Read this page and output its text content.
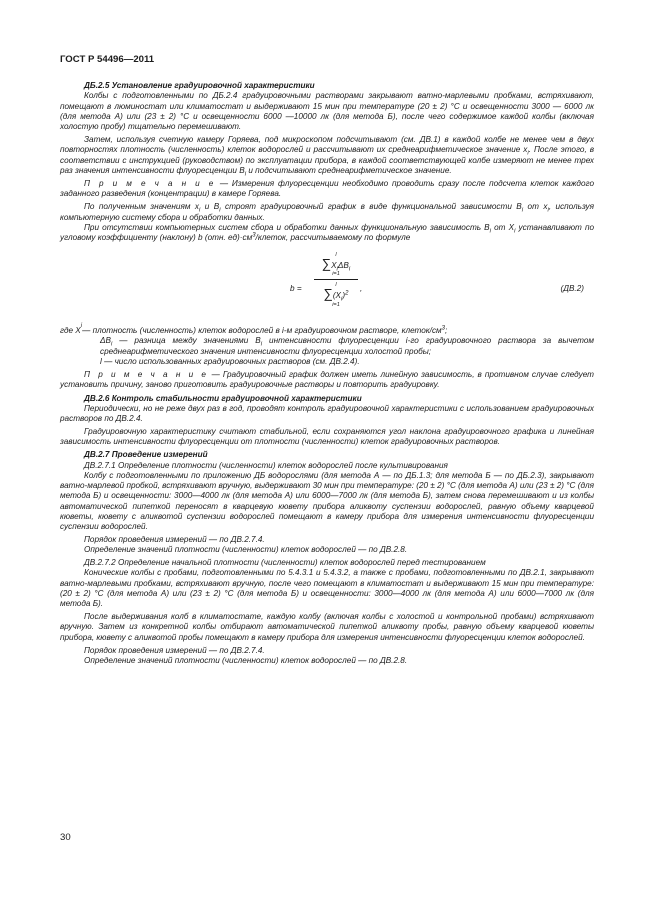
ГОСТ Р 54496—2011
ДБ.2.5 Установление градуировочной характеристики
Колбы с подготовленными по ДБ.2.4 градуировочными растворами закрывают ватно-марлевыми пробками, встряхивают, помещают в люминостат или климатостат и выдерживают 15 мин при температуре (20 ± 2) °С и освещенности 3000 — 6000 лк (для метода А) или (23 ± 2) °С и освещенности 6000 —10000 лк (для метода Б), после чего содержимое каждой колбы (включая холостую пробу) тщательно перемешивают.
Затем, используя счетную камеру Горяева, под микроскопом подсчитывают (см. ДВ.1) в каждой колбе не менее чем в двух повторностях плотность (численность) клеток водорослей и рассчитывают их среднеарифметическое значение $x_i$. После этого, в соответствии с инструкцией (руководством) по эксплуатации прибора, в каждой соответствующей колбе измеряют не менее трех раз значения интенсивности флуоресценции $B_i$ и подсчитывают среднеарифметическое значение.
П р и м е ч а н и е — Измерения флуоресценции необходимо проводить сразу после подсчета клеток каждого заданного разведения (концентрации) в камере Горяева.
По полученным значениям $x_i$ и $B_i$ строят градуировочный график в виде функциональной зависимости $B_i$ от $x_i$, используя компьютерную систему сбора и обработки данных.
При отсутствии компьютерных систем сбора и обработки данных функциональную зависимость $B_i$ от $X_i$ устанавливают по угловому коэффициенту (наклону) b (отн. $ед)\cdot см^3$/клеток, рассчитываемому по формуле
b =
l
$\sum X_i\Delta B_i$
i=1
l
$\sum(X_i)^2$
i=1
,	(ДВ.2)
где X i — плотность (численность) клеток водорослей в i-м градуировочном растворе, клеток/$см^3$;
$\Delta B_i$ — разница между значениями $B_i$ интенсивности флуоресценции i-го градуировочного раствора за вычетом среднеарифметического значения интенсивности флуоресценции холостой пробы;
l — число использованных градуировочных растворов (см. ДВ.2.4).
П р и м е ч а н и е — Градуировочный график должен иметь линейную зависимость, в противном случае следует установить причину, заново приготовить градуировочные растворы и повторить градуировку.
ДВ.2.6 Контроль стабильности градуировочной характеристики
Периодически, но не реже двух раз в год, проводят контроль градуировочной характеристики с использованием градуировочных растворов по ДВ.2.4.
Градуировочную характеристику считают стабильной, если сохраняются угол наклона градуировочного графика и линейная зависимость интенсивности флуоресценции от плотности (численности) клеток градуировочных растворов.
ДВ.2.7 Проведение измерений
ДВ.2.7.1 Определение плотности (численности) клеток водорослей после культивирования
Колбу с подготовленными по приложению ДБ водорослями (для метода А — по ДБ.1.3; для метода Б — по ДБ.2.3), закрывают ватно-марлевой пробкой, встряхивают вручную, выдерживают 30 мин при температуре: (20 ± 2) °С (для метода А) или (23 ± 2) °С (для метода Б) и освещенности: 3000—4000 лк (для метода А) или 6000—7000 лк (для метода Б), затем снова перемешивают и из колбы автоматической пипеткой переносят в кварцевую кювету прибора аликвоту суспензии водорослей, равную объему кварцевой кюветы, кювету с аликвотой суспензии водорослей помещают в камеру прибора для измерения интенсивности флуоресценции суспензии водорослей.
Порядок проведения измерений — по ДВ.2.7.4.
Определение значений плотности (численности) клеток водорослей — по ДВ.2.8.
ДВ.2.7.2 Определение начальной плотности (численности) клеток водорослей перед тестированием
Конические колбы с пробами, подготовленными по 5.4.3.1 и 5.4.3.2, а также с пробами, подготовленными по ДВ.2.1, закрывают ватно-марлевыми пробками, встряхивают вручную, после чего помещают в климатостат и выдерживают 15 мин при температуре: (20 ± 2) °С (для метода А) или (23 ± 2) °С (для метода Б) и освещенности: 3000—4000 лк (для метода А) или 6000—7000 лк (для метода Б).
После выдерживания колб в климатостате, каждую колбу (включая колбы с холостой и контрольной пробами) встряхивают вручную. Затем из конкретной колбы отбирают автоматической пипеткой аликвоту пробы, равную объему кварцевой кюветы прибора, кювету с аликвотой пробы помещают в камеру прибора для измерения интенсивности флуоресценции клеток водорослей.
Порядок проведения измерений — по ДВ.2.7.4.
Определение значений плотности (численности) клеток водорослей — по ДВ.2.8.
30
